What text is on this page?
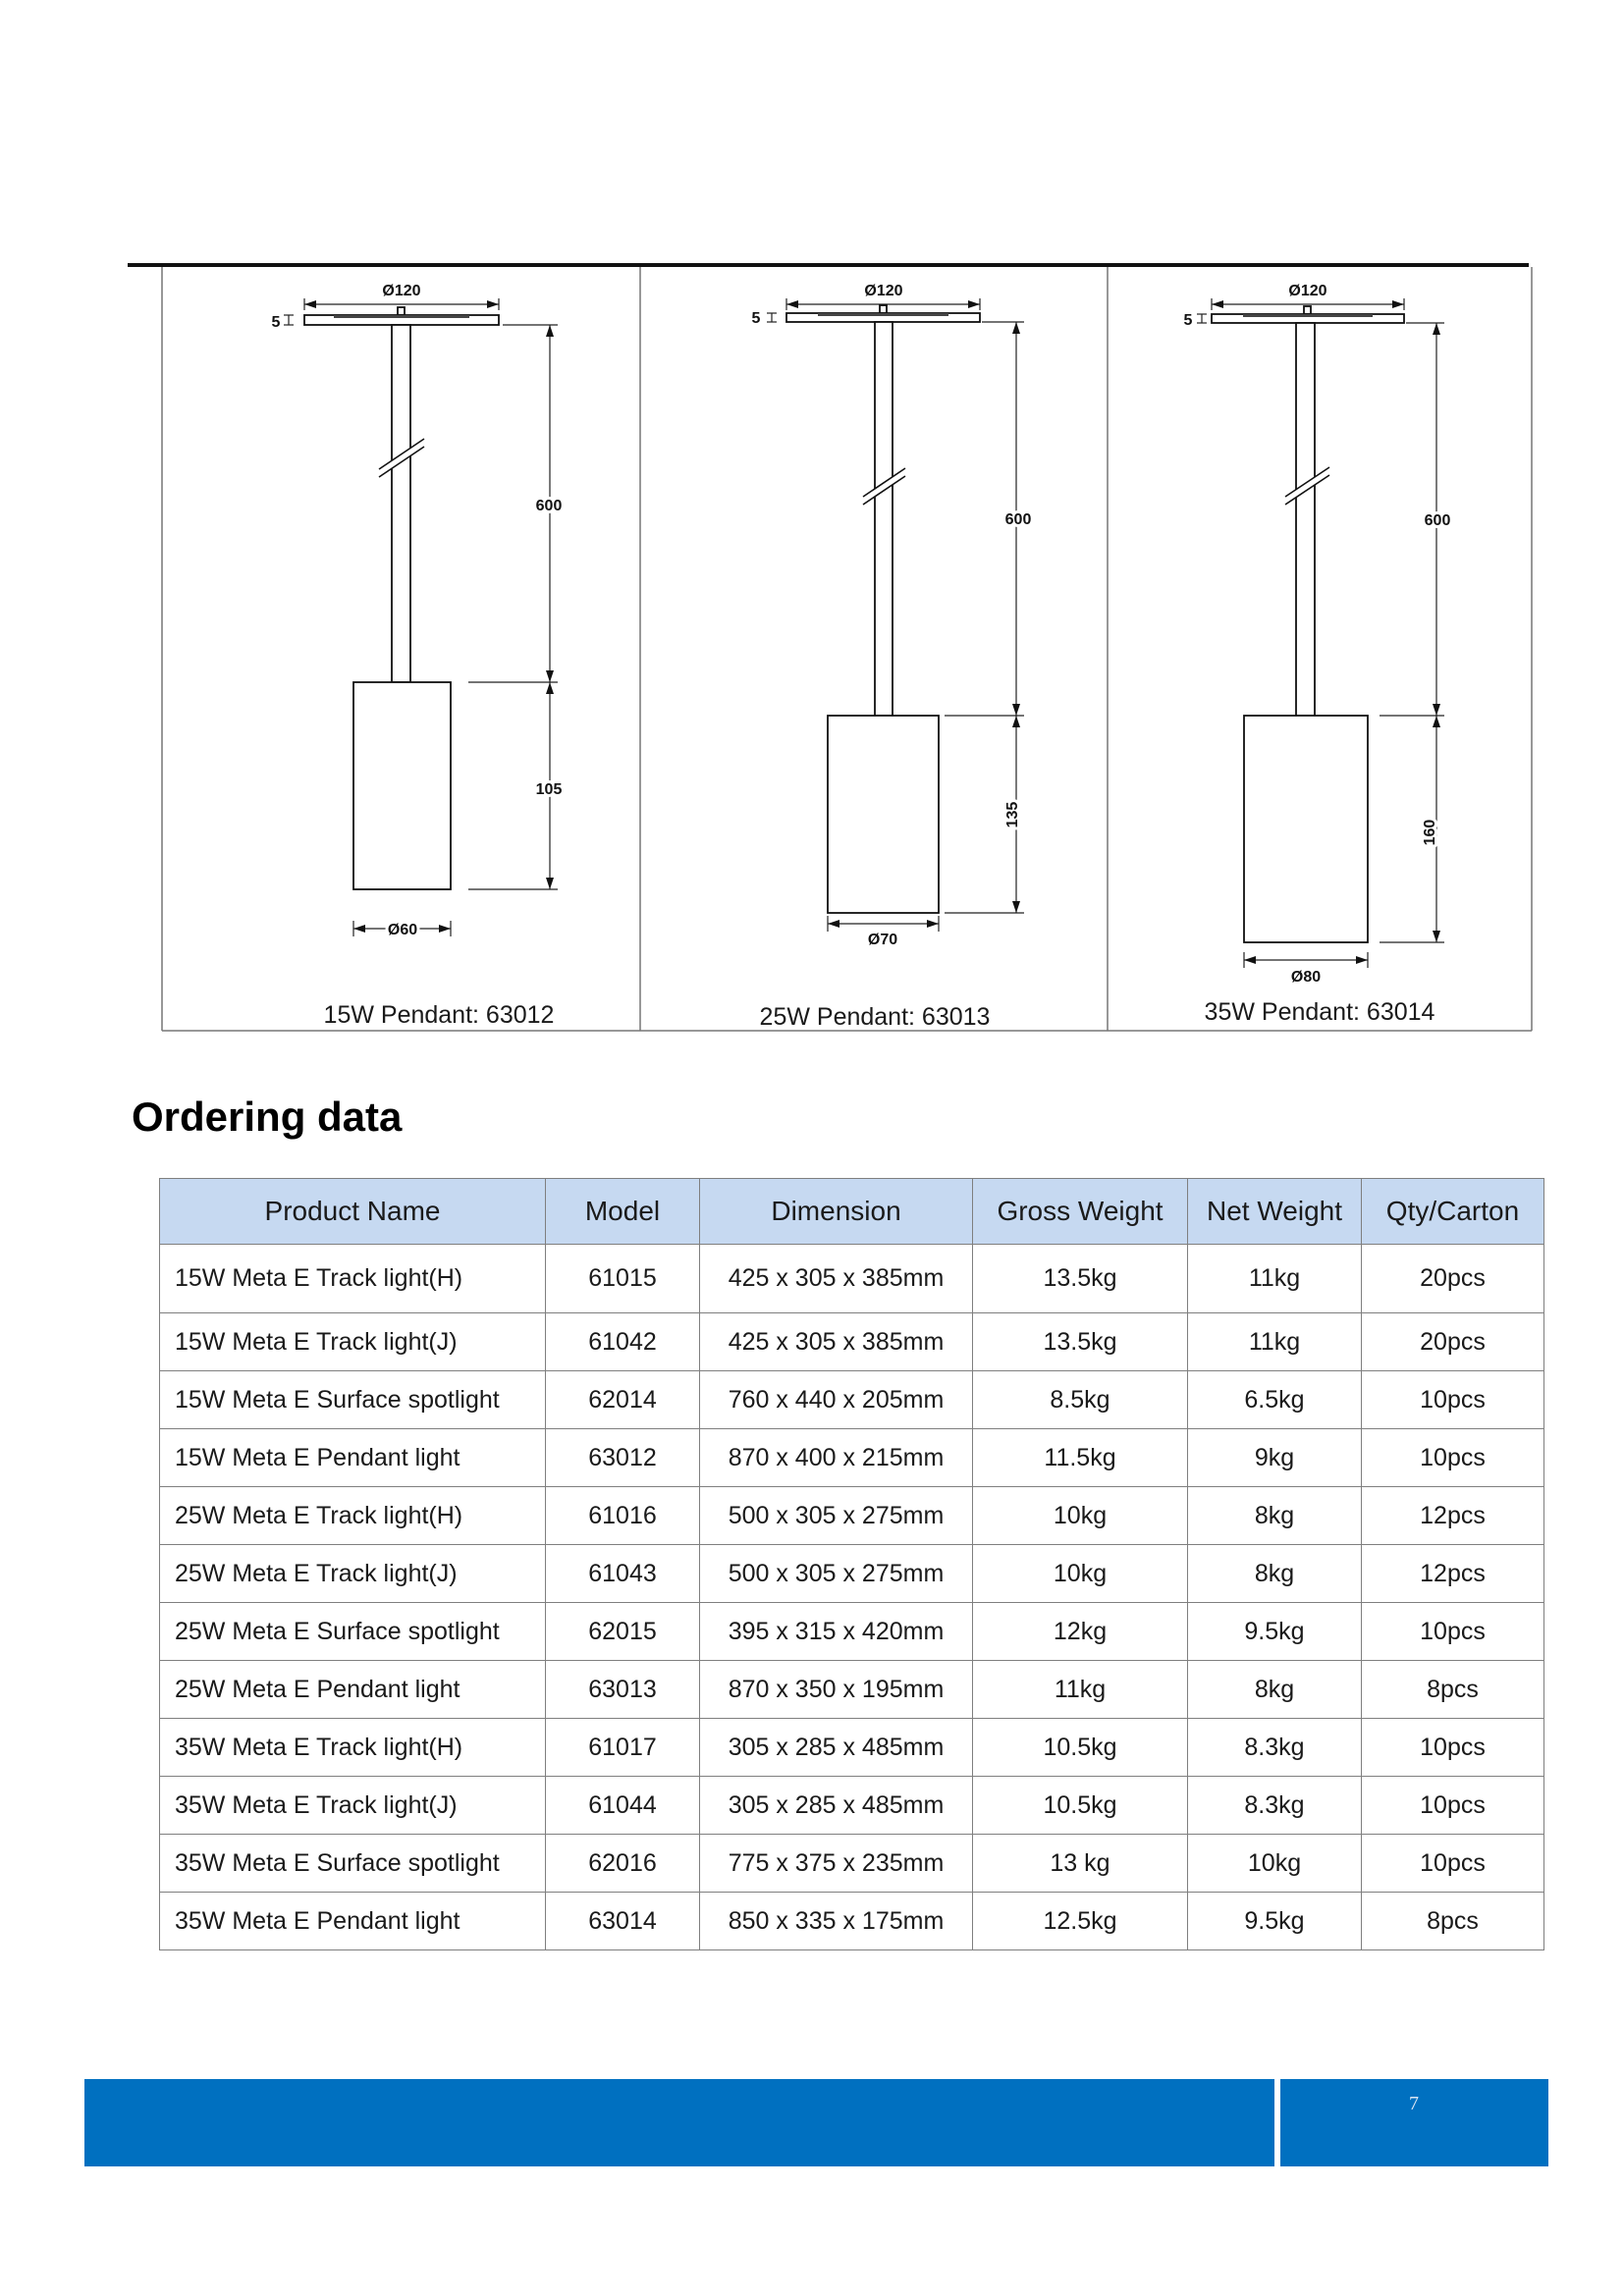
Ø120
5
600
105
Ø60
15W Pendant: 63012
Ø120
5
600
135
Ø70
25W Pendant: 63013
Ø120
5
600
160
Ø80
35W Pendant: 63014
Ordering data
Product Name	Model	Dimension	Gross Weight	Net Weight	Qty/Carton
15W Meta E Track light(H)	61015	425 x 305 x 385mm	13.5kg	11kg	20pcs
15W Meta E Track light(J)	61042	425 x 305 x 385mm	13.5kg	11kg	20pcs
15W Meta E Surface spotlight	62014	760 x 440 x 205mm	8.5kg	6.5kg	10pcs
15W Meta E Pendant light	63012	870 x 400 x 215mm	11.5kg	9kg	10pcs
25W Meta E Track light(H)	61016	500 x 305 x 275mm	10kg	8kg	12pcs
25W Meta E Track light(J)	61043	500 x 305 x 275mm	10kg	8kg	12pcs
25W Meta E Surface spotlight	62015	395 x 315 x 420mm	12kg	9.5kg	10pcs
25W Meta E Pendant light	63013	870 x 350 x 195mm	11kg	8kg	8pcs
35W Meta E Track light(H)	61017	305 x 285 x 485mm	10.5kg	8.3kg	10pcs
35W Meta E Track light(J)	61044	305 x 285 x 485mm	10.5kg	8.3kg	10pcs
35W Meta E Surface spotlight	62016	775 x 375 x 235mm	13 kg	10kg	10pcs
35W Meta E Pendant light	63014	850 x 335 x 175mm	12.5kg	9.5kg	8pcs
7
